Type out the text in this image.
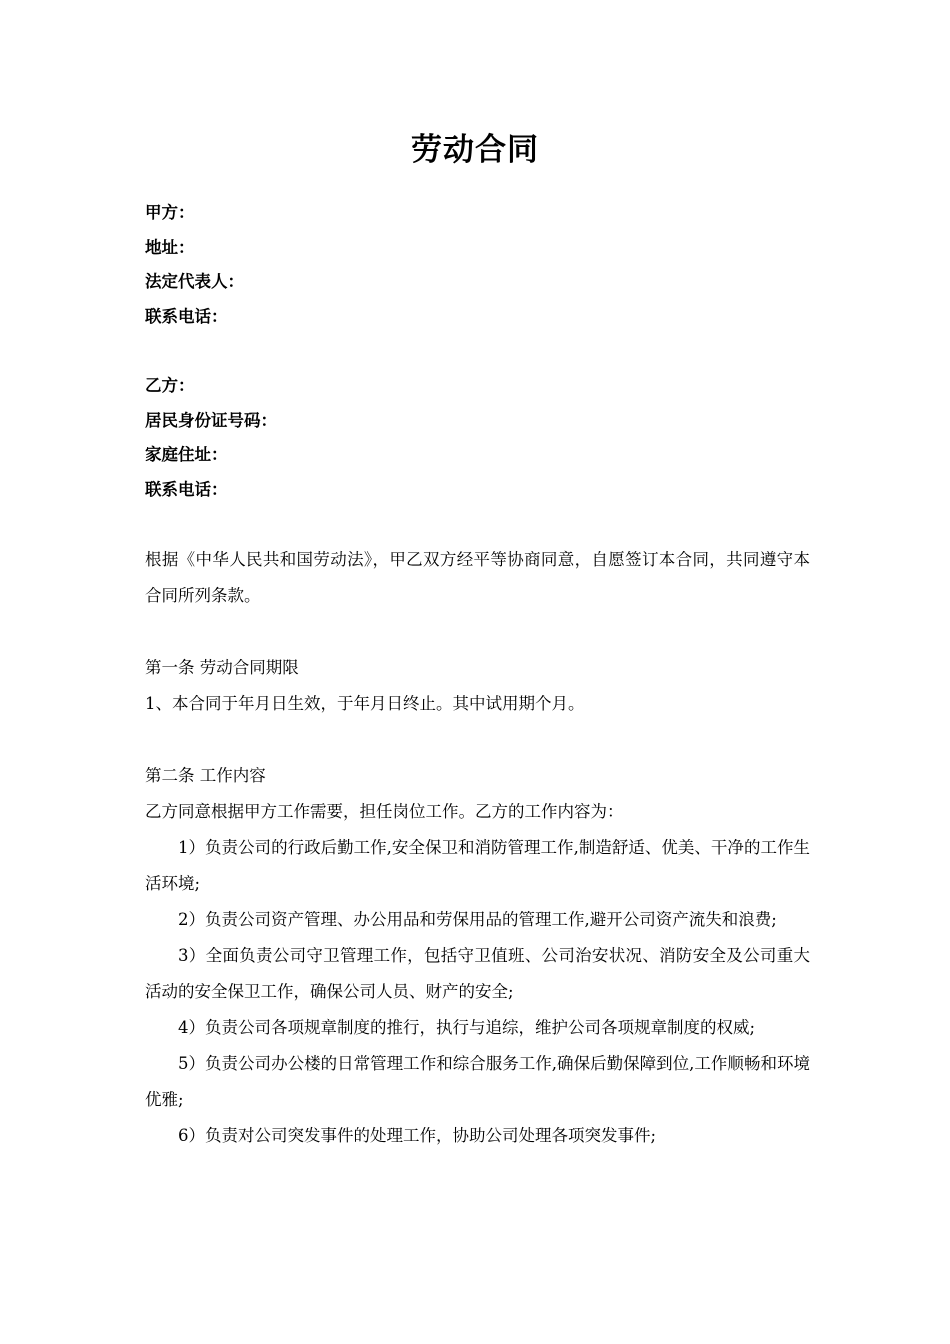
劳动合同
甲方：
地址：
法定代表人：
联系电话：
乙方：
居民身份证号码：
家庭住址：
联系电话：
根据《中华人民共和国劳动法》，甲乙双方经平等协商同意，自愿签订本合同，共同遵守本合同所列条款。
第一条 劳动合同期限
1、本合同于年月日生效，于年月日终止。其中试用期个月。
第二条 工作内容
乙方同意根据甲方工作需要，担任岗位工作。乙方的工作内容为：
1）负责公司的行政后勤工作,安全保卫和消防管理工作,制造舒适、优美、干净的工作生活环境;
2）负责公司资产管理、办公用品和劳保用品的管理工作,避开公司资产流失和浪费;
3）全面负责公司守卫管理工作，包括守卫值班、公司治安状况、消防安全及公司重大活动的安全保卫工作，确保公司人员、财产的安全;
4）负责公司各项规章制度的推行，执行与追综，维护公司各项规章制度的权威;
5）负责公司办公楼的日常管理工作和综合服务工作,确保后勤保障到位,工作顺畅和环境优雅;
6）负责对公司突发事件的处理工作，协助公司处理各项突发事件;
